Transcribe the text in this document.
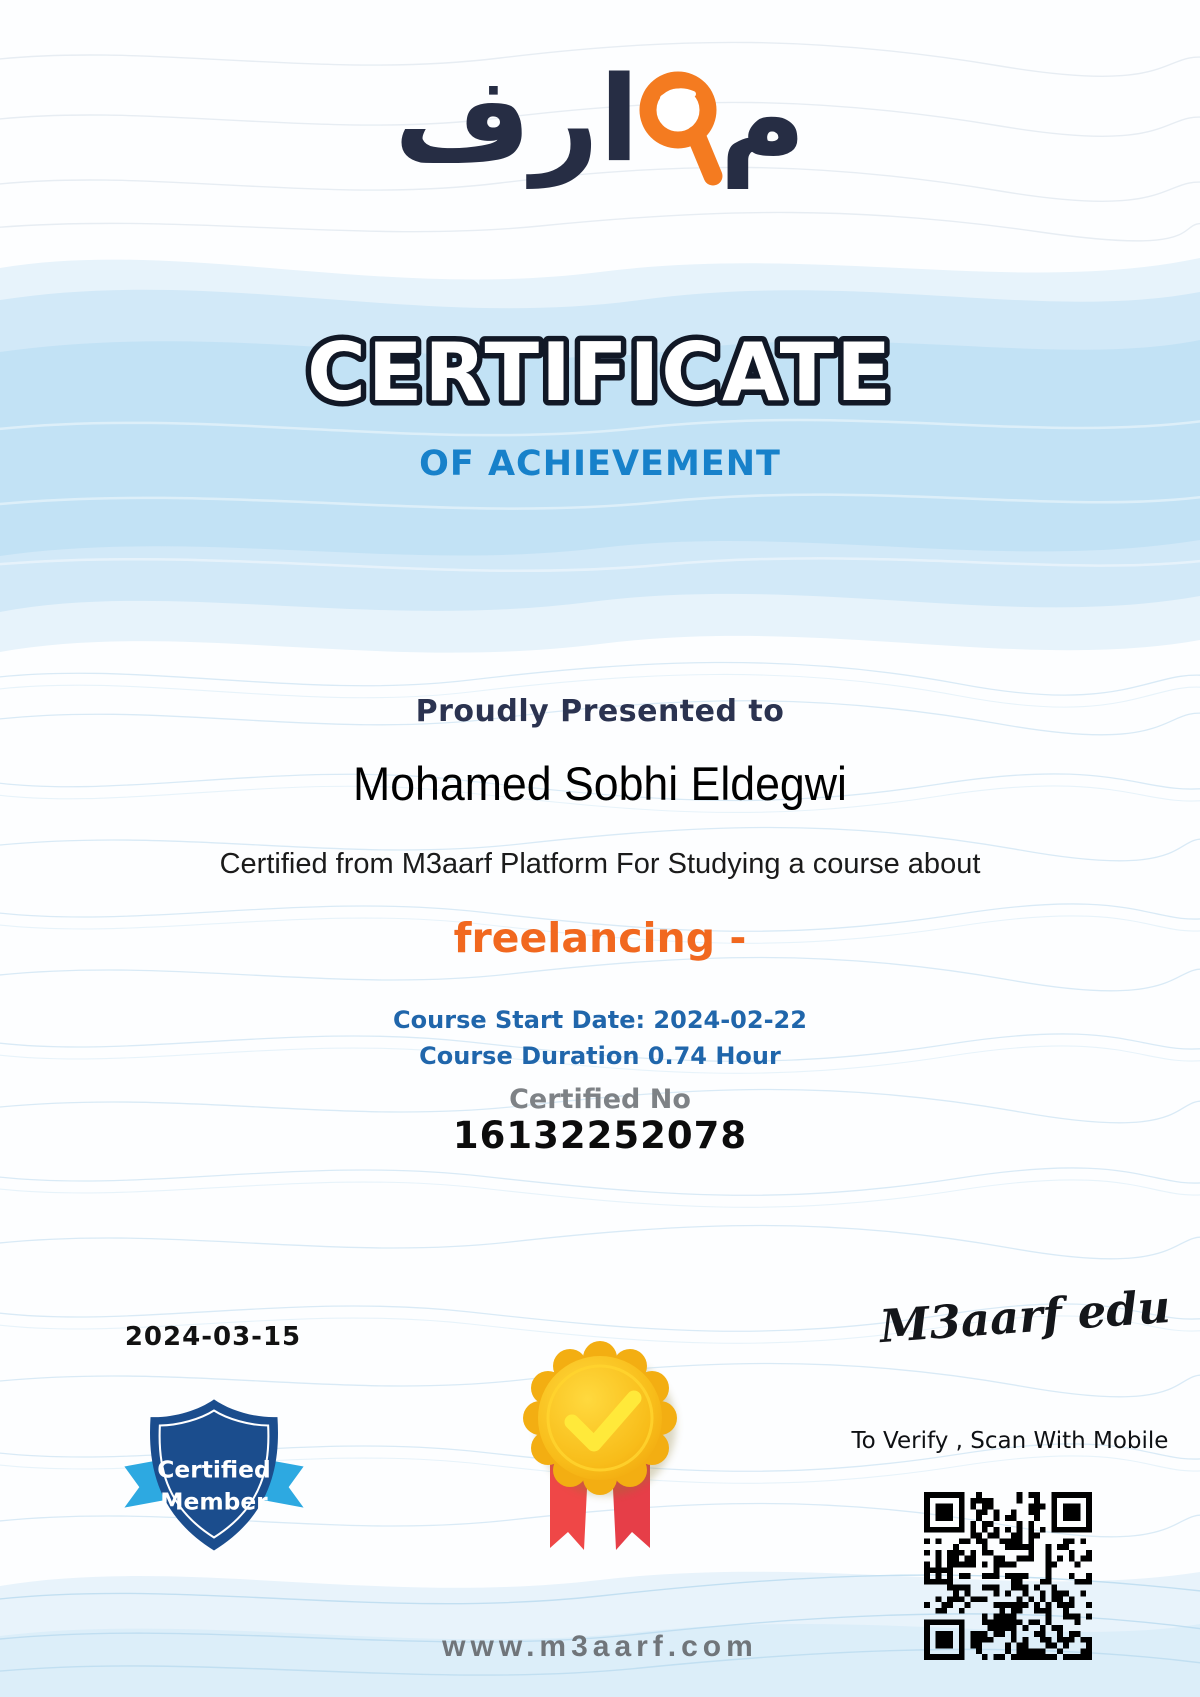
م
ارف
CERTIFICATE
OF ACHIEVEMENT
Proudly Presented to
Mohamed Sobhi Eldegwi
Certified from M3aarf Platform For Studying a course about
freelancing -
Course Start Date: 2024-02-22
Course Duration 0.74 Hour
Certified No
16132252078
2024-03-15
Certified
Member
M3aarf edu
To Verify , Scan With Mobile
www.m3aarf.com
